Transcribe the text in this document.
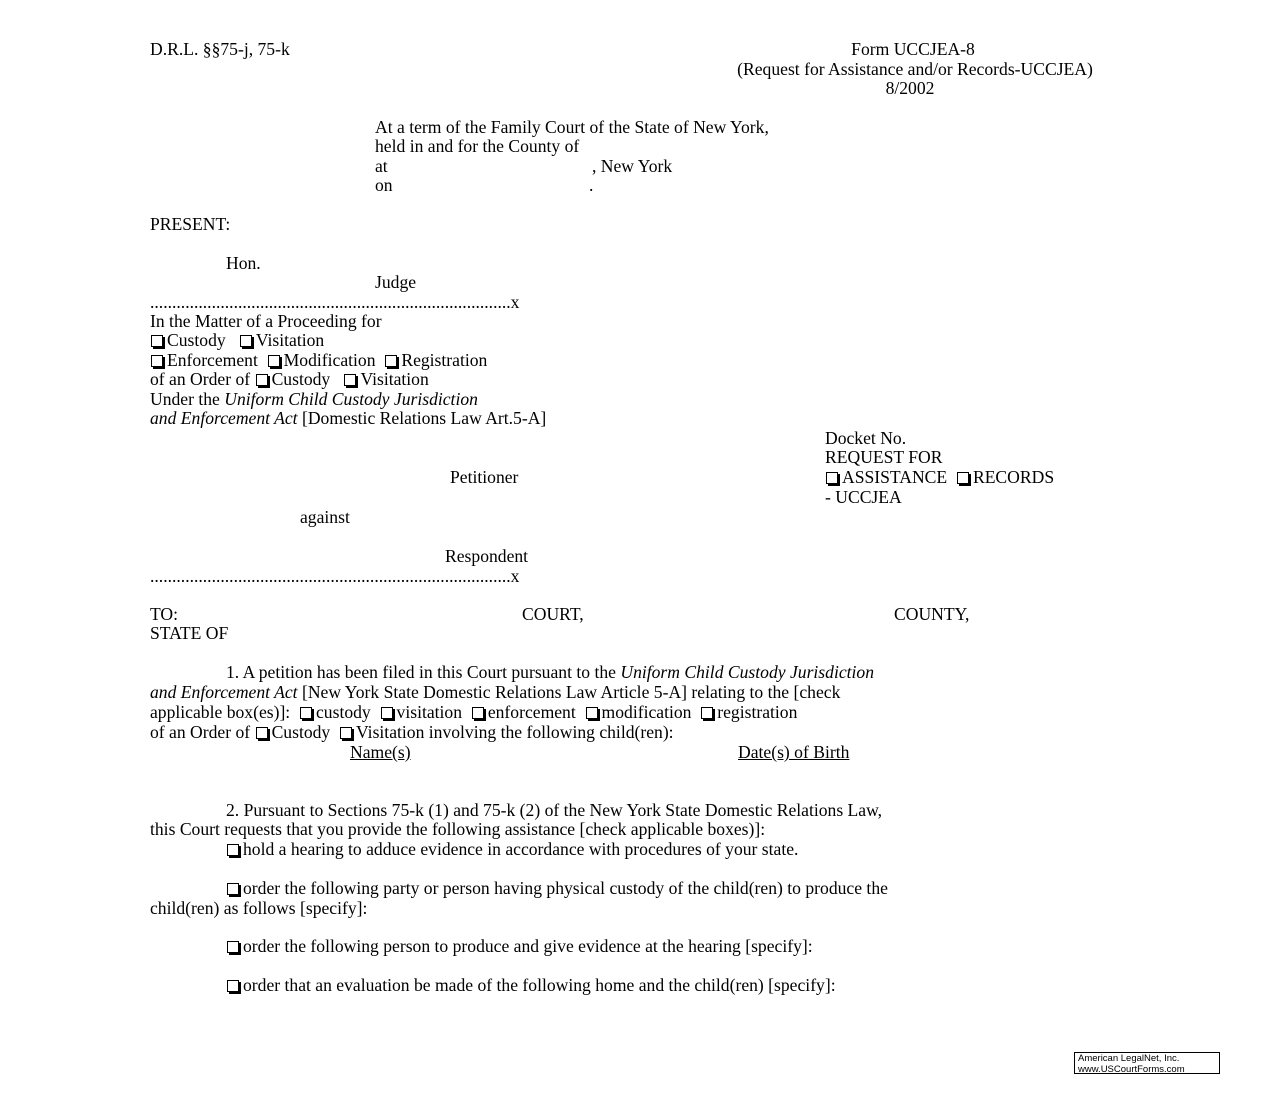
D.R.L. §§75-j, 75-k	Form UCCJEA-8
(Request for Assistance and/or Records-UCCJEA)
8/2002
At a term of the Family Court of the State of New York,
held in and for the County of
at	, New York
on	.
PRESENT:
Hon.
Judge
..................................................................................x
In the Matter of a Proceeding for
Custody Visitation
Enforcement Modification Registration
of an Order of Custody Visitation
Under the Uniform Child Custody Jurisdiction
and Enforcement Act [Domestic Relations Law Art.5-A]
Docket No.
REQUEST FOR
ASSISTANCE RECORDS
- UCCJEA
Petitioner
against
Respondent
..................................................................................x
TO:	COURT,	COUNTY,
STATE OF
1. A petition has been filed in this Court pursuant to the Uniform Child Custody Jurisdiction
and Enforcement Act [New York State Domestic Relations Law Article 5-A] relating to the [check
applicable box(es)]: custody visitation enforcement modification registration
of an Order of Custody Visitation involving the following child(ren):
Name(s)	Date(s) of Birth
2. Pursuant to Sections 75-k (1) and 75-k (2) of the New York State Domestic Relations Law,
this Court requests that you provide the following assistance [check applicable boxes)]:
hold a hearing to adduce evidence in accordance with procedures of your state.
order the following party or person having physical custody of the child(ren) to produce the
child(ren) as follows [specify]:
order the following person to produce and give evidence at the hearing [specify]:
order that an evaluation be made of the following home and the child(ren) [specify]:
American LegalNet, Inc.
www.USCourtForms.com
